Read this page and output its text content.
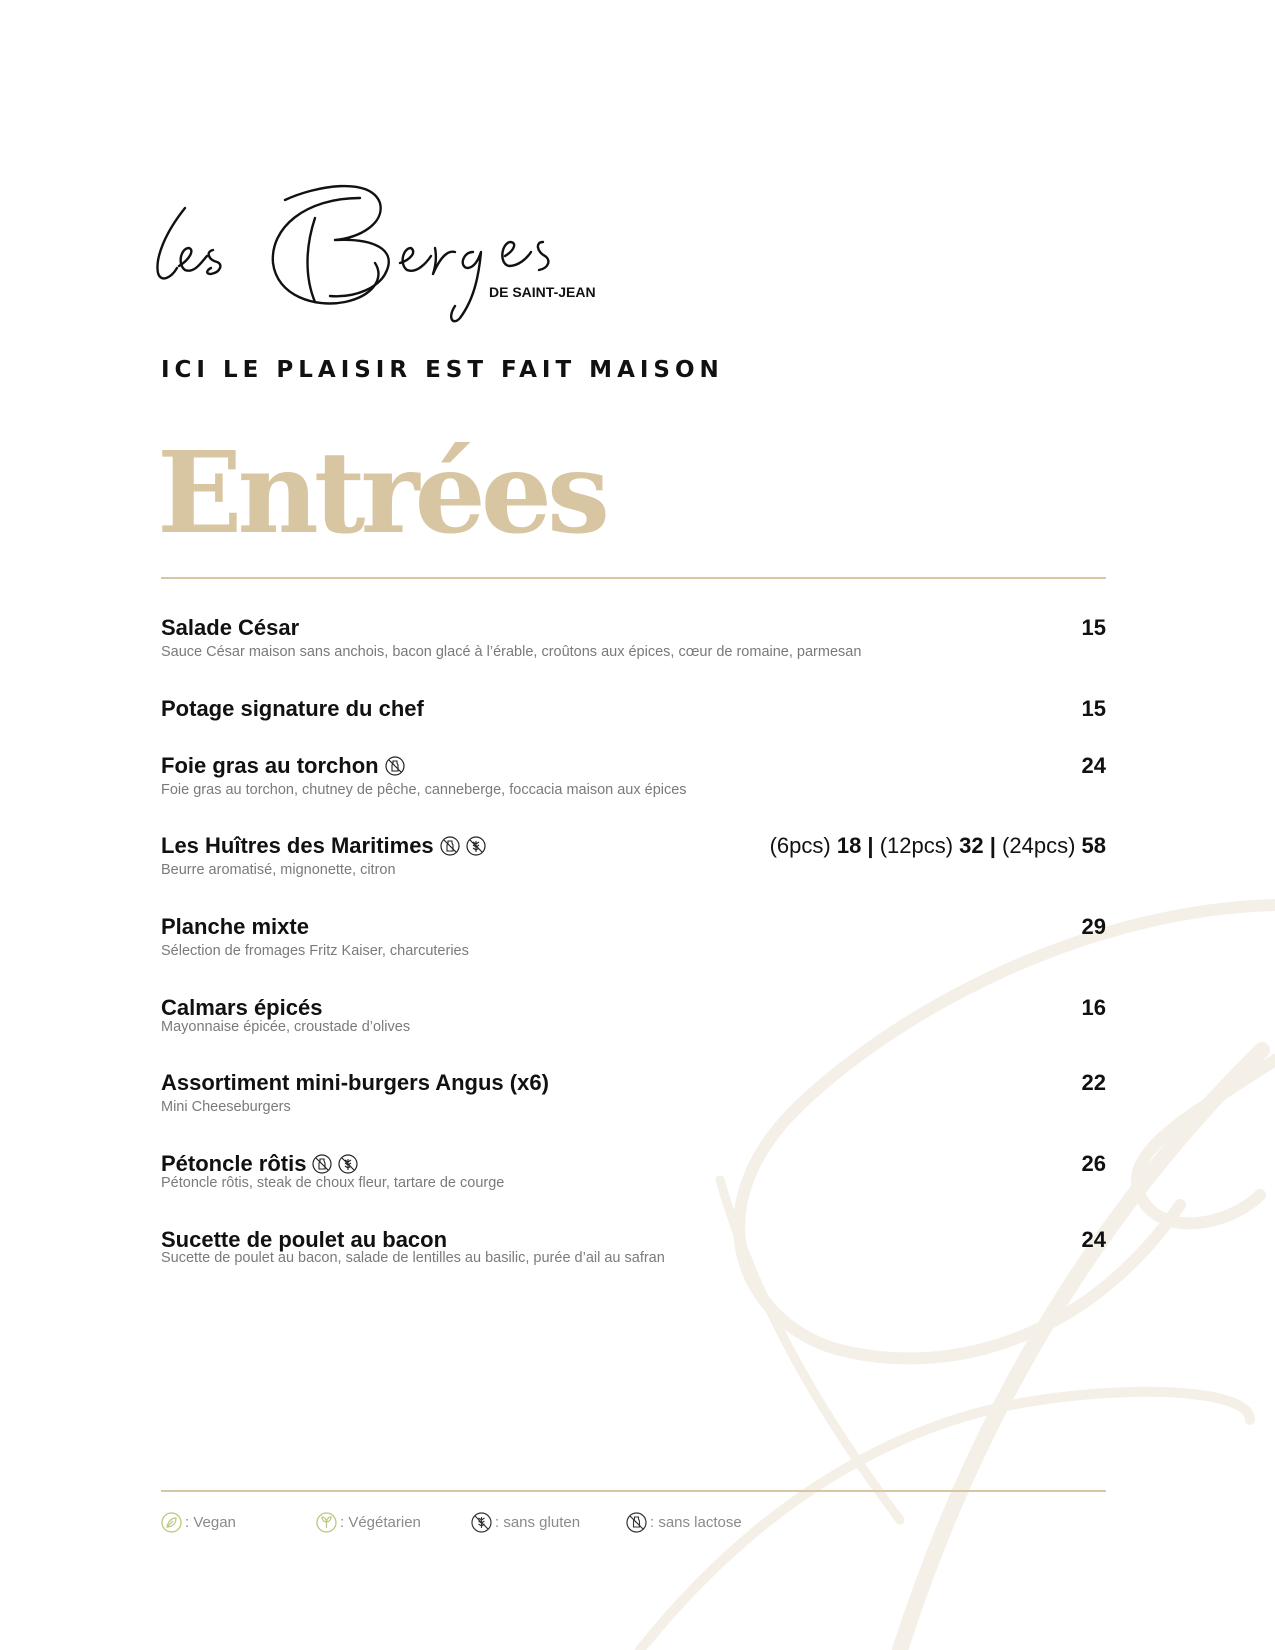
DE SAINT-JEAN
ICI LE PLAISIR EST FAIT MAISON
Entrées
Salade César	15
Sauce César maison sans anchois, bacon glacé à l’érable, croûtons aux épices, cœur de romaine, parmesan
Potage signature du chef	15
Foie gras au torchon	24
Foie gras au torchon, chutney de pêche, canneberge, foccacia maison aux épices
Les Huîtres des Maritimes	(6pcs) 18 | (12pcs) 32 | (24pcs) 58
Beurre aromatisé, mignonette, citron
Planche mixte	29
Sélection de fromages Fritz Kaiser, charcuteries
Calmars épicés	16
Mayonnaise épicée, croustade d’olives
Assortiment mini-burgers Angus (x6)	22
Mini Cheeseburgers
Pétoncle rôtis	26
Pétoncle rôtis, steak de choux fleur, tartare de courge
Sucette de poulet au bacon	24
Sucette de poulet au bacon, salade de lentilles au basilic, purée d’ail au safran
: Vegan	: Végétarien	: sans gluten	: sans lactose
